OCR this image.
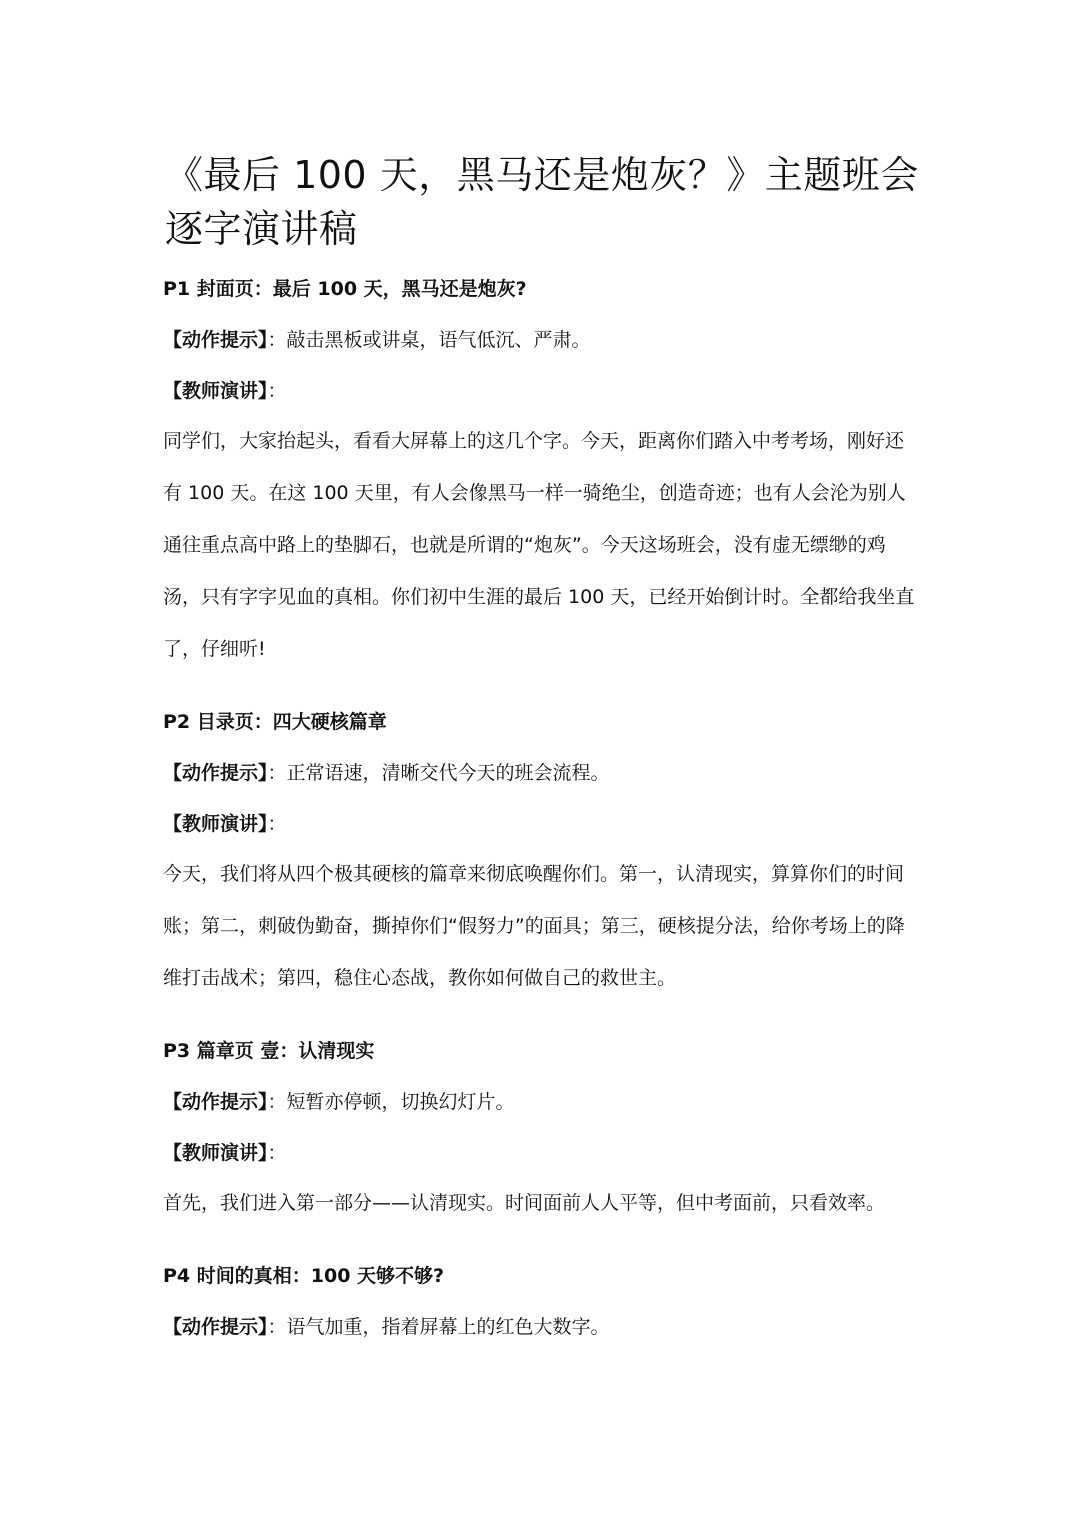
《最后 100 天，黑马还是炮灰？》主题班会逐字演讲稿

P1 封面页：最后 100 天，黑马还是炮灰?

【动作提示】：敲击黑板或讲桌，语气低沉、严肃。
【教师演讲】：
同学们，大家抬起头，看看大屏幕上的这几个字。今天，距离你们踏入中考考场，刚好还有 100 天。在这 100 天里，有人会像黑马一样一骑绝尘，创造奇迹；也有人会沦为别人通往重点高中路上的垫脚石，也就是所谓的“炮灰”。今天这场班会，没有虚无缥缈的鸡汤，只有字字见血的真相。你们初中生涯的最后 100 天，已经开始倒计时。全都给我坐直了，仔细听!

P2 目录页：四大硬核篇章

【动作提示】：正常语速，清晰交代今天的班会流程。
【教师演讲】：
今天，我们将从四个极其硬核的篇章来彻底唤醒你们。第一，认清现实，算算你们的时间账；第二，刺破伪勤奋，撕掉你们“假努力”的面具；第三，硬核提分法，给你考场上的降维打击战术；第四，稳住心态战，教你如何做自己的救世主。

P3 篇章页 壹：认清现实

【动作提示】：短暂亦停顿，切换幻灯片。
【教师演讲】：
首先，我们进入第一部分——认清现实。时间面前人人平等，但中考面前，只看效率。

P4 时间的真相：100 天够不够?

【动作提示】：语气加重，指着屏幕上的红色大数字。
